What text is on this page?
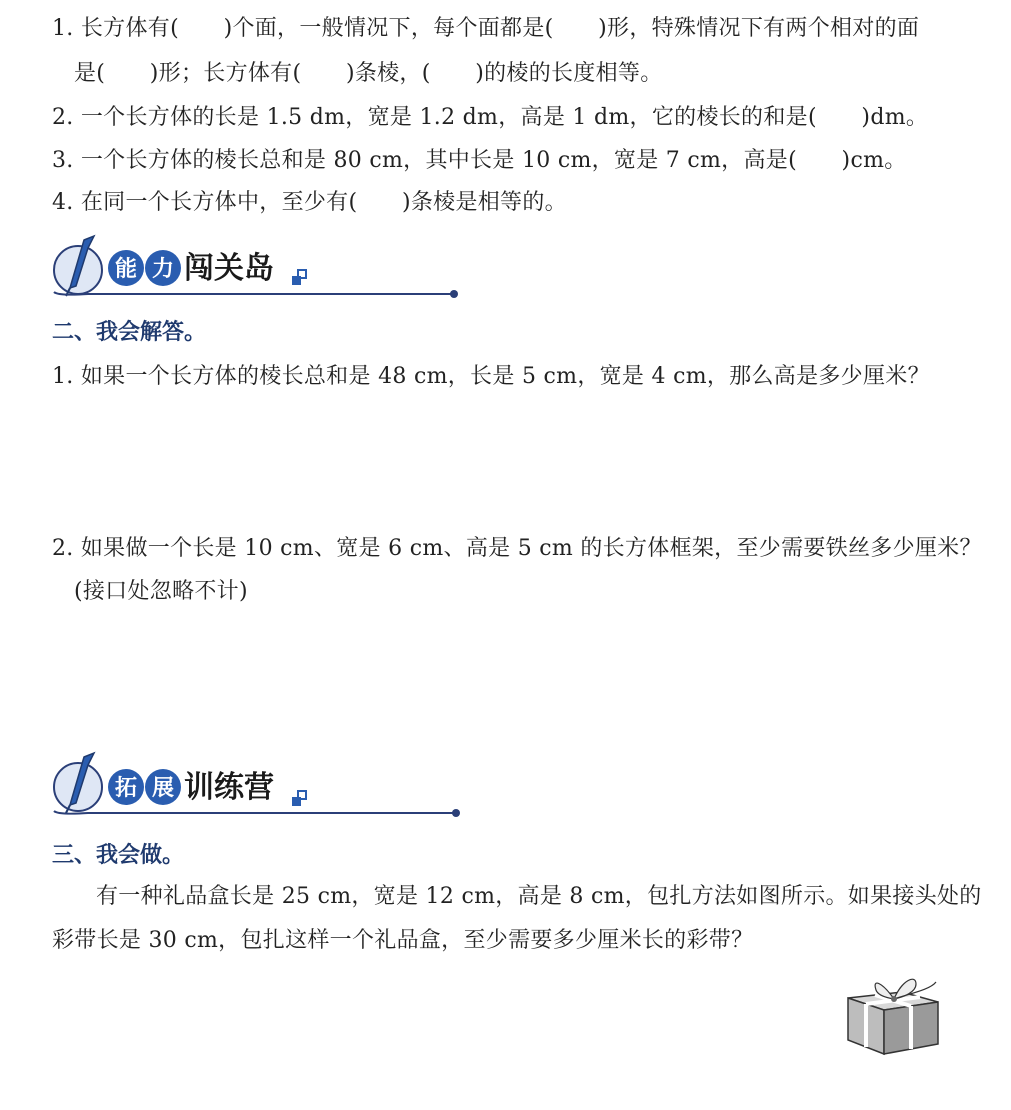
1. 长方体有(　　)个面，一般情况下，每个面都是(　　)形，特殊情况下有两个相对的面
是(　　)形；长方体有(　　)条棱，(　　)的棱的长度相等。
2. 一个长方体的长是 1.5 dm，宽是 1.2 dm，高是 1 dm，它的棱长的和是(　　)dm。
3. 一个长方体的棱长总和是 80 cm，其中长是 10 cm，宽是 7 cm，高是(　　)cm。
4. 在同一个长方体中，至少有(　　)条棱是相等的。
能 力 闯关岛
二、我会解答。
1. 如果一个长方体的棱长总和是 48 cm，长是 5 cm，宽是 4 cm，那么高是多少厘米？
2. 如果做一个长是 10 cm、宽是 6 cm、高是 5 cm 的长方体框架，至少需要铁丝多少厘米？
(接口处忽略不计)
拓 展 训练营
三、我会做。
有一种礼品盒长是 25 cm，宽是 12 cm，高是 8 cm，包扎方法如图所示。如果接头处的
彩带长是 30 cm，包扎这样一个礼品盒，至少需要多少厘米长的彩带？
